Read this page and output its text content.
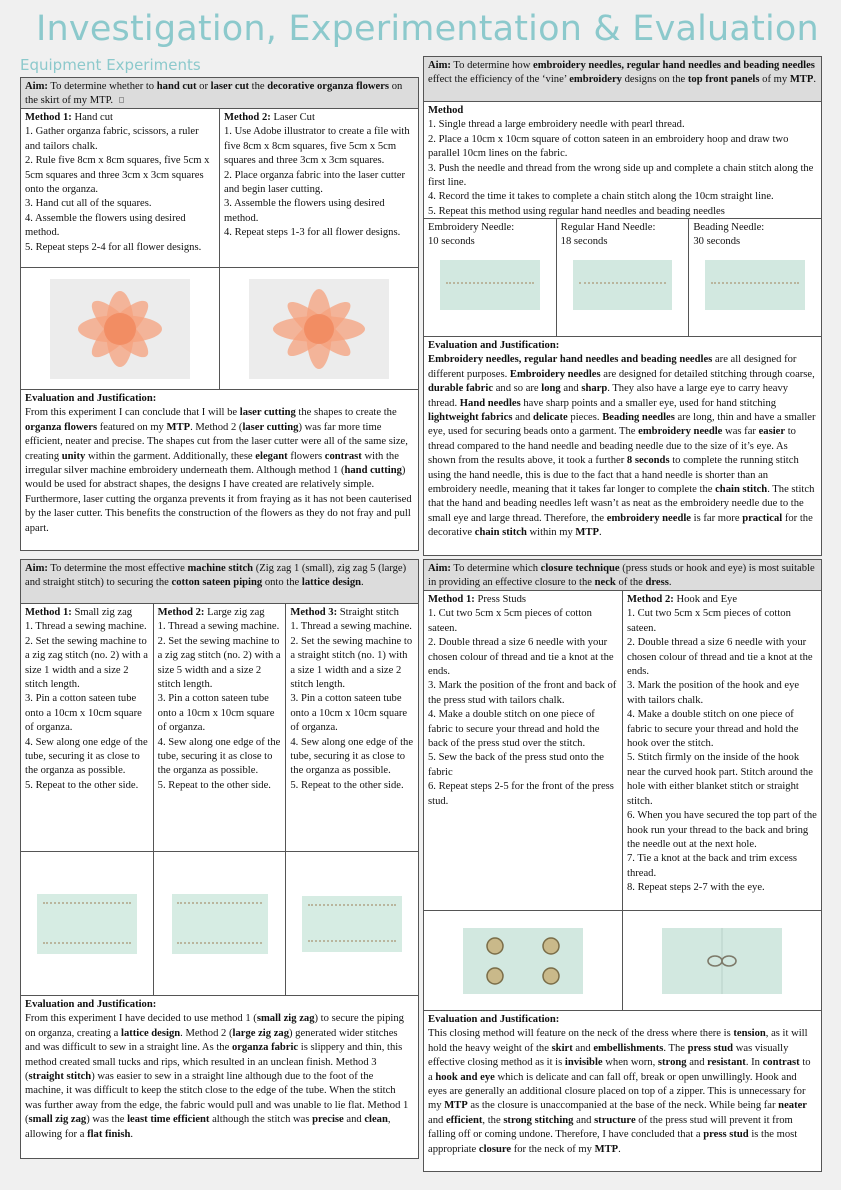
Investigation, Experimentation & Evaluation
Equipment Experiments
Aim: To determine whether to hand cut or laser cut the decorative organza flowers on the skirt of my MTP.
Method 1: Hand cut
1. Gather organza fabric, scissors, a ruler and tailors chalk.
2. Rule five 8cm x 8cm squares, five 5cm x 5cm squares and three 3cm x 3cm squares onto the organza.
3. Hand cut all of the squares.
4. Assemble the flowers using desired method.
5. Repeat steps 2-4 for all flower designs.
Method 2: Laser Cut
1. Use Adobe illustrator to create a file with five 8cm x 8cm squares, five 5cm x 5cm squares and three 3cm x 3cm squares.
2. Place organza fabric into the laser cutter and begin laser cutting.
3. Assemble the flowers using desired method.
4. Repeat steps 1-3 for all flower designs.
Evaluation and Justification:
From this experiment I can conclude that I will be laser cutting the shapes to create the organza flowers featured on my MTP. Method 2 (laser cutting) was far more time efficient, neater and precise. The shapes cut from the laser cutter were all of the same size, creating unity within the garment. Additionally, these elegant flowers contrast with the irregular silver machine embroidery underneath them. Although method 1 (hand cutting) would be used for abstract shapes, the designs I have created are relatively simple. Furthermore, laser cutting the organza prevents it from fraying as it has not been cauterised by the laser cutter. This benefits the construction of the flowers as they do not fray and pull apart.
Aim: To determine how embroidery needles, regular hand needles and beading needles effect the efficiency of the ‘vine’ embroidery designs on the top front panels of my MTP.
Method
1. Single thread a large embroidery needle with pearl thread.
2. Place a 10cm x 10cm square of cotton sateen in an embroidery hoop and draw two parallel 10cm lines on the fabric.
3. Push the needle and thread from the wrong side up and complete a chain stitch along the first line.
4. Record the time it takes to complete a chain stitch along the 10cm straight line.
5. Repeat this method using regular hand needles and beading needles
Embroidery Needle:
10 seconds
Regular Hand Needle:
18 seconds
Beading Needle:
30 seconds
Evaluation and Justification:
Embroidery needles, regular hand needles and beading needles are all designed for different purposes. Embroidery needles are designed for detailed stitching through coarse, durable fabric and so are long and sharp. They also have a large eye to carry heavy thread. Hand needles have sharp points and a smaller eye, used for hand stitching lightweight fabrics and delicate pieces. Beading needles are long, thin and have a smaller eye, used for securing beads onto a garment. The embroidery needle was far easier to thread compared to the hand needle and beading needle due to the size of it’s eye. As shown from the results above, it took a further 8 seconds to complete the running stitch using the hand needle, this is due to the fact that a hand needle is shorter than an embroidery needle, meaning that it takes far longer to complete the chain stitch. The stitch that the hand and beading needles left wasn’t as neat as the embroidery needle due to the small eye and large thread. Therefore, the embroidery needle is far more practical for the decorative chain stitch within my MTP.
Aim: To determine the most effective machine stitch (Zig zag 1 (small), zig zag 5 (large) and straight stitch) to securing the cotton sateen piping onto the lattice design.
Method 1: Small zig zag
1. Thread a sewing machine.
2. Set the sewing machine to a zig zag stitch (no. 2) with a size 1 width and a size 2 stitch length.
3. Pin a cotton sateen tube onto a 10cm x 10cm square of organza.
4. Sew along one edge of the tube, securing it as close to the organza as possible.
5. Repeat to the other side.
Method 2: Large zig zag
1. Thread a sewing machine.
2. Set the sewing machine to a zig zag stitch (no. 2) with a size 5 width and a size 2 stitch length.
3. Pin a cotton sateen tube onto a 10cm x 10cm square of organza.
4. Sew along one edge of the tube, securing it as close to the organza as possible.
5. Repeat to the other side.
Method 3: Straight stitch
1. Thread a sewing machine.
2. Set the sewing machine to a straight stitch (no. 1) with a size 1 width and a size 2 stitch length.
3. Pin a cotton sateen tube onto a 10cm x 10cm square of organza.
4. Sew along one edge of the tube, securing it as close to the organza as possible.
5. Repeat to the other side.
Evaluation and Justification:
From this experiment I have decided to use method 1 (small zig zag) to secure the piping on organza, creating a lattice design. Method 2 (large zig zag) generated wider stitches and was difficult to sew in a straight line. As the organza fabric is slippery and thin, this method created small tucks and rips, which resulted in an unclean finish. Method 3 (straight stitch) was easier to sew in a straight line although due to the foot of the machine, it was difficult to keep the stitch close to the edge of the tube. When the stitch was further away from the edge, the fabric would pull and was unable to lie flat. Method 1 (small zig zag) was the least time efficient although the stitch was precise and clean, allowing for a flat finish.
Aim: To determine which closure technique (press studs or hook and eye) is most suitable in providing an effective closure to the neck of the dress.
Method 1: Press Studs
1. Cut two 5cm x 5cm pieces of cotton sateen.
2. Double thread a size 6 needle with your chosen colour of thread and tie a knot at the ends.
3. Mark the position of the front and back of the press stud with tailors chalk.
4. Make a double stitch on one piece of fabric to secure your thread and hold the back of the press stud over the stitch.
5. Sew the back of the press stud onto the fabric
6. Repeat steps 2-5 for the front of the press stud.
Method 2: Hook and Eye
1. Cut two 5cm x 5cm pieces of cotton sateen.
2. Double thread a size 6 needle with your chosen colour of thread and tie a knot at the ends.
3. Mark the position of the hook and eye with tailors chalk.
4. Make a double stitch on one piece of fabric to secure your thread and hold the hook over the stitch.
5. Stitch firmly on the inside of the hook near the curved hook part. Stitch around the hole with either blanket stitch or straight stitch.
6. When you have secured the top part of the hook run your thread to the back and bring the needle out at the next hole.
7. Tie a knot at the back and trim excess thread.
8. Repeat steps 2-7 with the eye.
Evaluation and Justification:
This closing method will feature on the neck of the dress where there is tension, as it will hold the heavy weight of the skirt and embellishments. The press stud was visually effective closing method as it is invisible when worn, strong and resistant. In contrast to a hook and eye which is delicate and can fall off, break or open unwillingly. Hook and eyes are generally an additional closure placed on top of a zipper. This is unnecessary for my MTP as the closure is unaccompanied at the base of the neck. While being far neater and efficient, the strong stitching and structure of the press stud will prevent it from falling off or coming undone. Therefore, I have concluded that a press stud is the most appropriate closure for the neck of my MTP.
